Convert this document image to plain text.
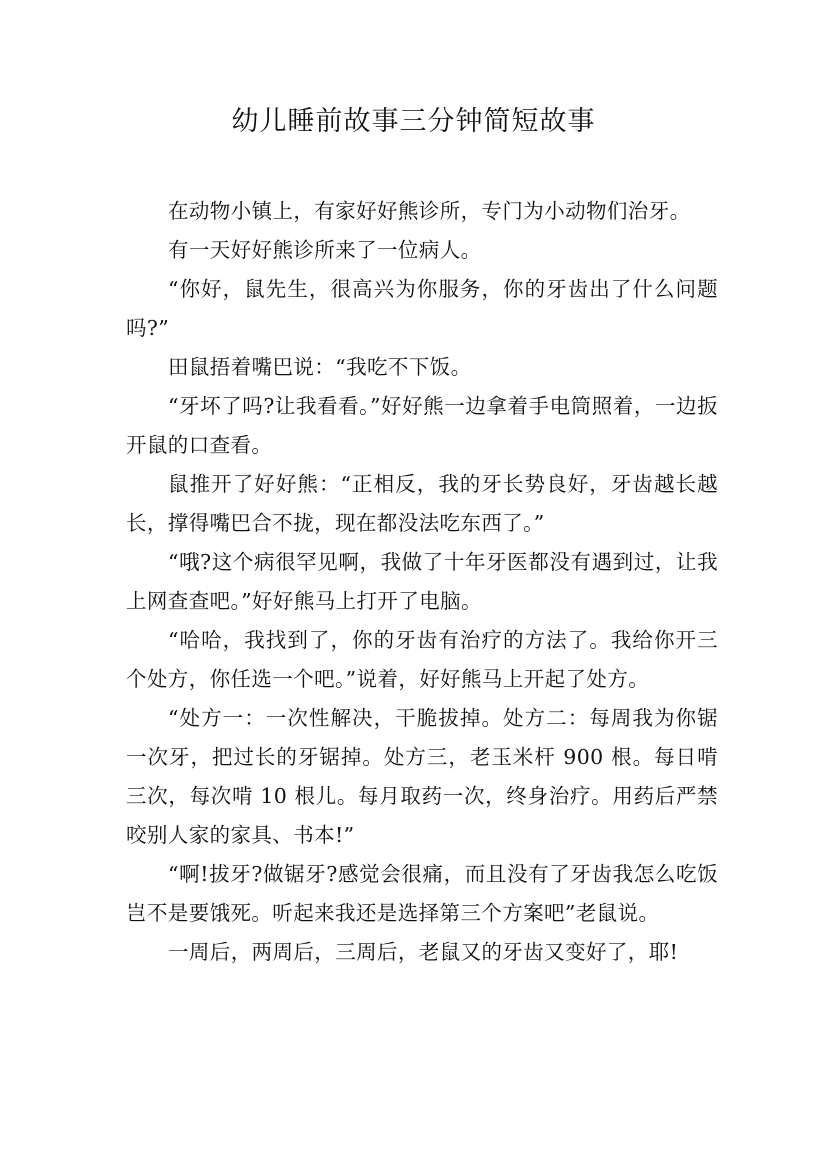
幼儿睡前故事三分钟简短故事

在动物小镇上，有家好好熊诊所，专门为小动物们治牙。

有一天好好熊诊所来了一位病人。

“你好，鼠先生，很高兴为你服务，你的牙齿出了什么问题吗?”

田鼠捂着嘴巴说：“我吃不下饭。

“牙坏了吗?让我看看。”好好熊一边拿着手电筒照着，一边扳开鼠的口查看。

鼠推开了好好熊：“正相反，我的牙长势良好，牙齿越长越长，撑得嘴巴合不拢，现在都没法吃东西了。”

“哦?这个病很罕见啊，我做了十年牙医都没有遇到过，让我上网查查吧。”好好熊马上打开了电脑。

“哈哈，我找到了，你的牙齿有治疗的方法了。我给你开三个处方，你任选一个吧。”说着，好好熊马上开起了处方。

“处方一：一次性解决，干脆拔掉。处方二：每周我为你锯一次牙，把过长的牙锯掉。处方三，老玉米杆 900 根。每日啃三次，每次啃 10 根儿。每月取药一次，终身治疗。用药后严禁咬别人家的家具、书本!”

“啊!拔牙?做锯牙?感觉会很痛，而且没有了牙齿我怎么吃饭岂不是要饿死。听起来我还是选择第三个方案吧”老鼠说。

一周后，两周后，三周后，老鼠又的牙齿又变好了，耶!
